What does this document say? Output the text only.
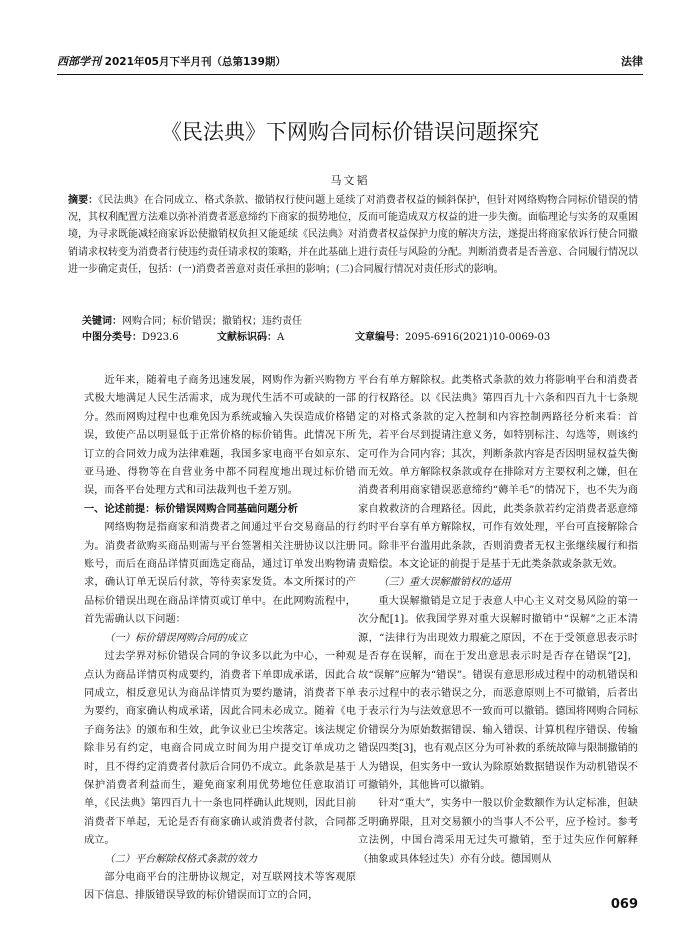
西部学刊 2021年05月下半月刊（总第139期）	法律
《民法典》下网购合同标价错误问题探究
马文韬
摘要：《民法典》在合同成立、格式条款、撤销权行使问题上延续了对消费者权益的倾斜保护，但针对网络购物合同标价错误的情况，其权利配置方法难以弥补消费者恶意缔约下商家的损势地位，反而可能造成双方权益的进一步失衡。面临理论与实务的双重困境，为寻求既能减轻商家诉讼使撤销权负担又能延续《民法典》对消费者权益保护力度的解决方法，遂提出将商家依诉行使合同撤销请求权转变为消费者行使违约责任请求权的策略，并在此基础上进行责任与风险的分配。判断消费者是否善意、合同履行情况以进一步确定责任，包括：(一)消费者善意对责任承担的影响；(二)合同履行情况对责任形式的影响。
关键词：网购合同；标价错误；撤销权；违约责任
中图分类号：D923.6	文献标识码：A	文章编号：2095-6916(2021)10-0069-03

近年来，随着电子商务迅速发展，网购作为新兴购物方式极大地满足人民生活需求，成为现代生活不可或缺的一部分。然而网购过程中也难免因为系统或输入失误造成价格错误，致使产品以明显低于正常价格的标价销售。此情况下所订立的合同效力成为法律难题，我国多家电商平台如京东、亚马逊、得物等在自营业务中都不同程度地出现过标价错误，而各平台处理方式和司法裁判也千差万别。

一、论述前提：标价错误网购合同基础问题分析

网络购物是指商家和消费者之间通过平台交易商品的行为。消费者欲购买商品则需与平台签署相关注册协议以注册账号，而后在商品详情页面选定商品，通过订单发出购物请求，确认订单无误后付款，等待卖家发货。本文所探讨的产品标价错误出现在商品详情页或订单中。在此网购流程中，首先需确认以下问题：

（一）标价错误网购合同的成立

过去学界对标价错误合同的争议多以此为中心，一种观点认为商品详情页构成要约，消费者下单即成承诺，因此合同成立，相反意见认为商品详情页为要约邀请，消费者下单为要约，商家确认构成承诺，因此合同未必成立。随着《电子商务法》的颁布和生效，此争议业已尘埃落定。该法规定除非另有约定，电商合同成立时间为用户提交订单成功之时，且不得约定消费者付款后合同仍不成立。此条款是基于保护消费者利益而生，避免商家利用优势地位任意取消订单，《民法典》第四百九十一条也同样确认此规则，因此目前消费者下单起，无论是否有商家确认或消费者付款，合同都成立。

（二）平台解除权格式条款的效力

部分电商平台的注册协议规定，对互联网技术等客观原因下信息、排版错误导致的标价错误而订立的合同，

平台有单方解除权。此类格式条款的效力将影响平台和消费者的行权路径。以《民法典》第四百九十六条和四百九十七条规定的对格式条款的定入控制和内容控制两路径分析来看：首先，若平台尽到提请注意义务，如特别标注、勾选等，则该约定可作为合同内容；其次，判断条款内容是否因明显权益失衡而无效。单方解除权条款或存在排除对方主要权利之嫌，但在消费者利用商家错误恶意缔约“薅羊毛”的情况下，也不失为商家自救救济的合理路径。因此，此类条款若约定消费者恶意缔约时平台享有单方解除权，可作有效处理，平台可直接解除合同。除非平台滥用此条款，否则消费者无权主张继续履行和指责赔偿。本文论证的前提于是基于无此类条款或条款无效。

（三）重大误解撤销权的适用

重大误解撤销是立足于表意人中心主义对交易风险的第一次分配[1]。依我国学界对重大误解时撤销中“误解”之正本清源，“法律行为出现效力瑕疵之原因，不在于受领意思表示时是否存在误解，而在于发出意思表示时是否存在错误”[2]，故“误解”应解为“错误”。错误有意思形成过程中的动机错误和表示过程中的表示错误之分，而恶意原则上不可撤销，后者出于表示行为与法效意思不一致而可以撤销。德国将网购合同标价错误分为原始数据错误、输入错误、计算机程序错误、传输错误四类[3]，也有观点区分为可补救的系统故障与限制撤销的人为错误，但实务中一致认为除原始数据错误作为动机错误不可撤销外，其他皆可以撤销。

针对“重大”，实务中一般以价金数额作为认定标准，但缺乏明确界限，且对交易额小的当事人不公平，应予检讨。参考立法例，中国台湾采用无过失可撤销，至于过失应作何解释（抽象或具体轻过失）亦有分歧。德国则从

069
